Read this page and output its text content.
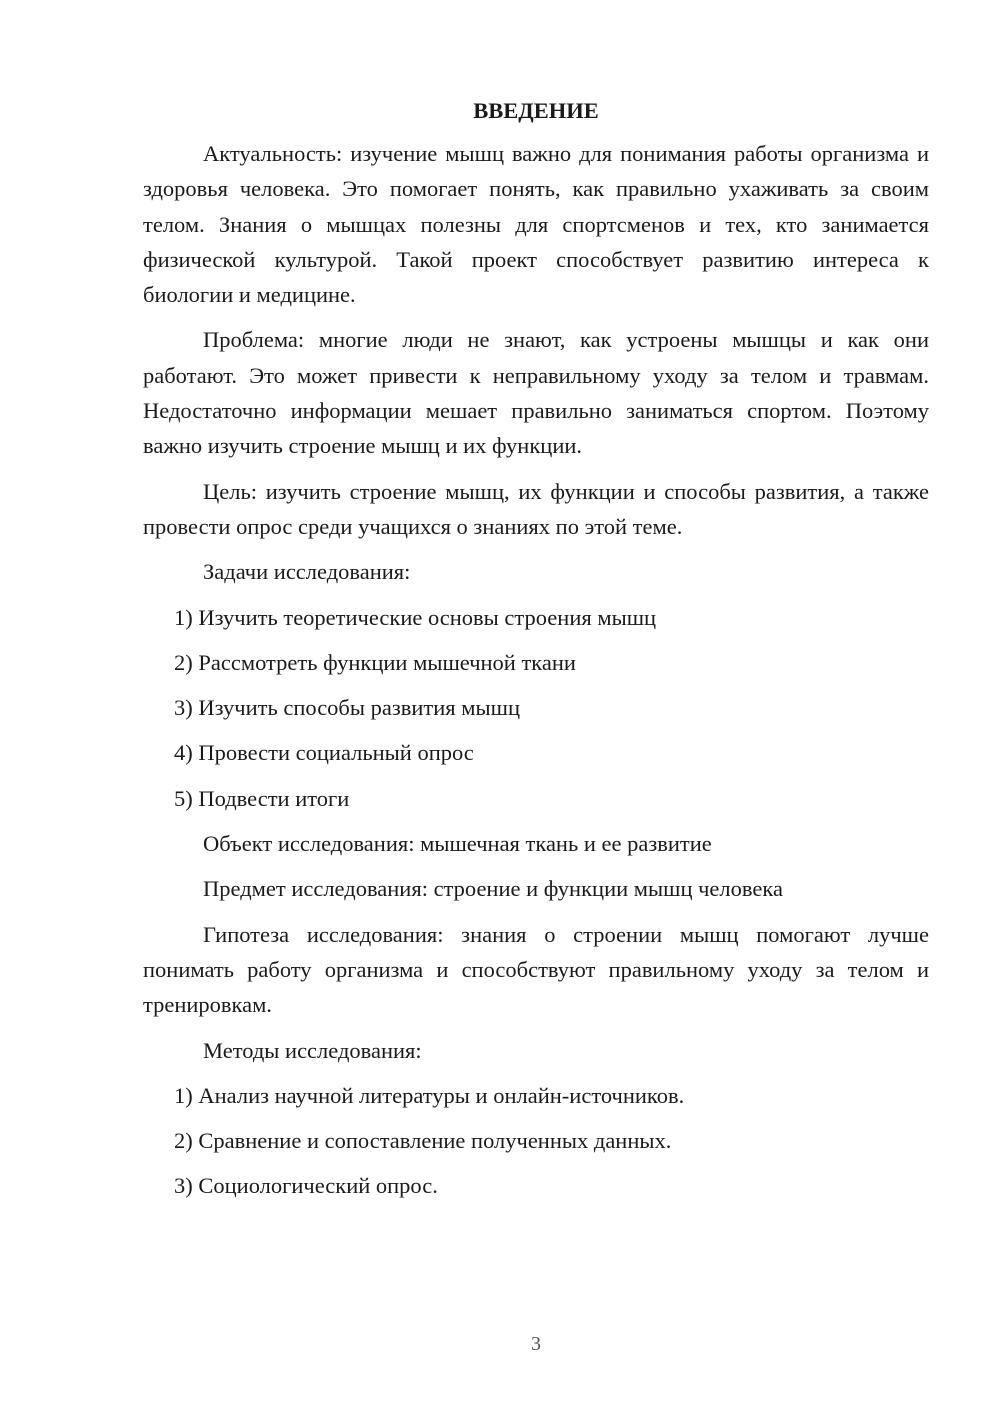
ВВЕДЕНИЕ

Актуальность: изучение мышц важно для понимания работы организма и здоровья человека. Это помогает понять, как правильно ухаживать за своим телом. Знания о мышцах полезны для спортсменов и тех, кто занимается физической культурой. Такой проект способствует развитию интереса к биологии и медицине.

Проблема: многие люди не знают, как устроены мышцы и как они работают. Это может привести к неправильному уходу за телом и травмам. Недостаточно информации мешает правильно заниматься спортом. Поэтому важно изучить строение мышц и их функции.

Цель: изучить строение мышц, их функции и способы развития, а также провести опрос среди учащихся о знаниях по этой теме.

Задачи исследования:
1) Изучить теоретические основы строения мышц
2) Рассмотреть функции мышечной ткани
3) Изучить способы развития мышц
4) Провести социальный опрос
5) Подвести итоги
Объект исследования: мышечная ткань и ее развитие
Предмет исследования: строение и функции мышц человека

Гипотеза исследования: знания о строении мышц помогают лучше понимать работу организма и способствуют правильному уходу за телом и тренировкам.

Методы исследования:
1) Анализ научной литературы и онлайн-источников.
2) Сравнение и сопоставление полученных данных.
3) Социологический опрос.
3
